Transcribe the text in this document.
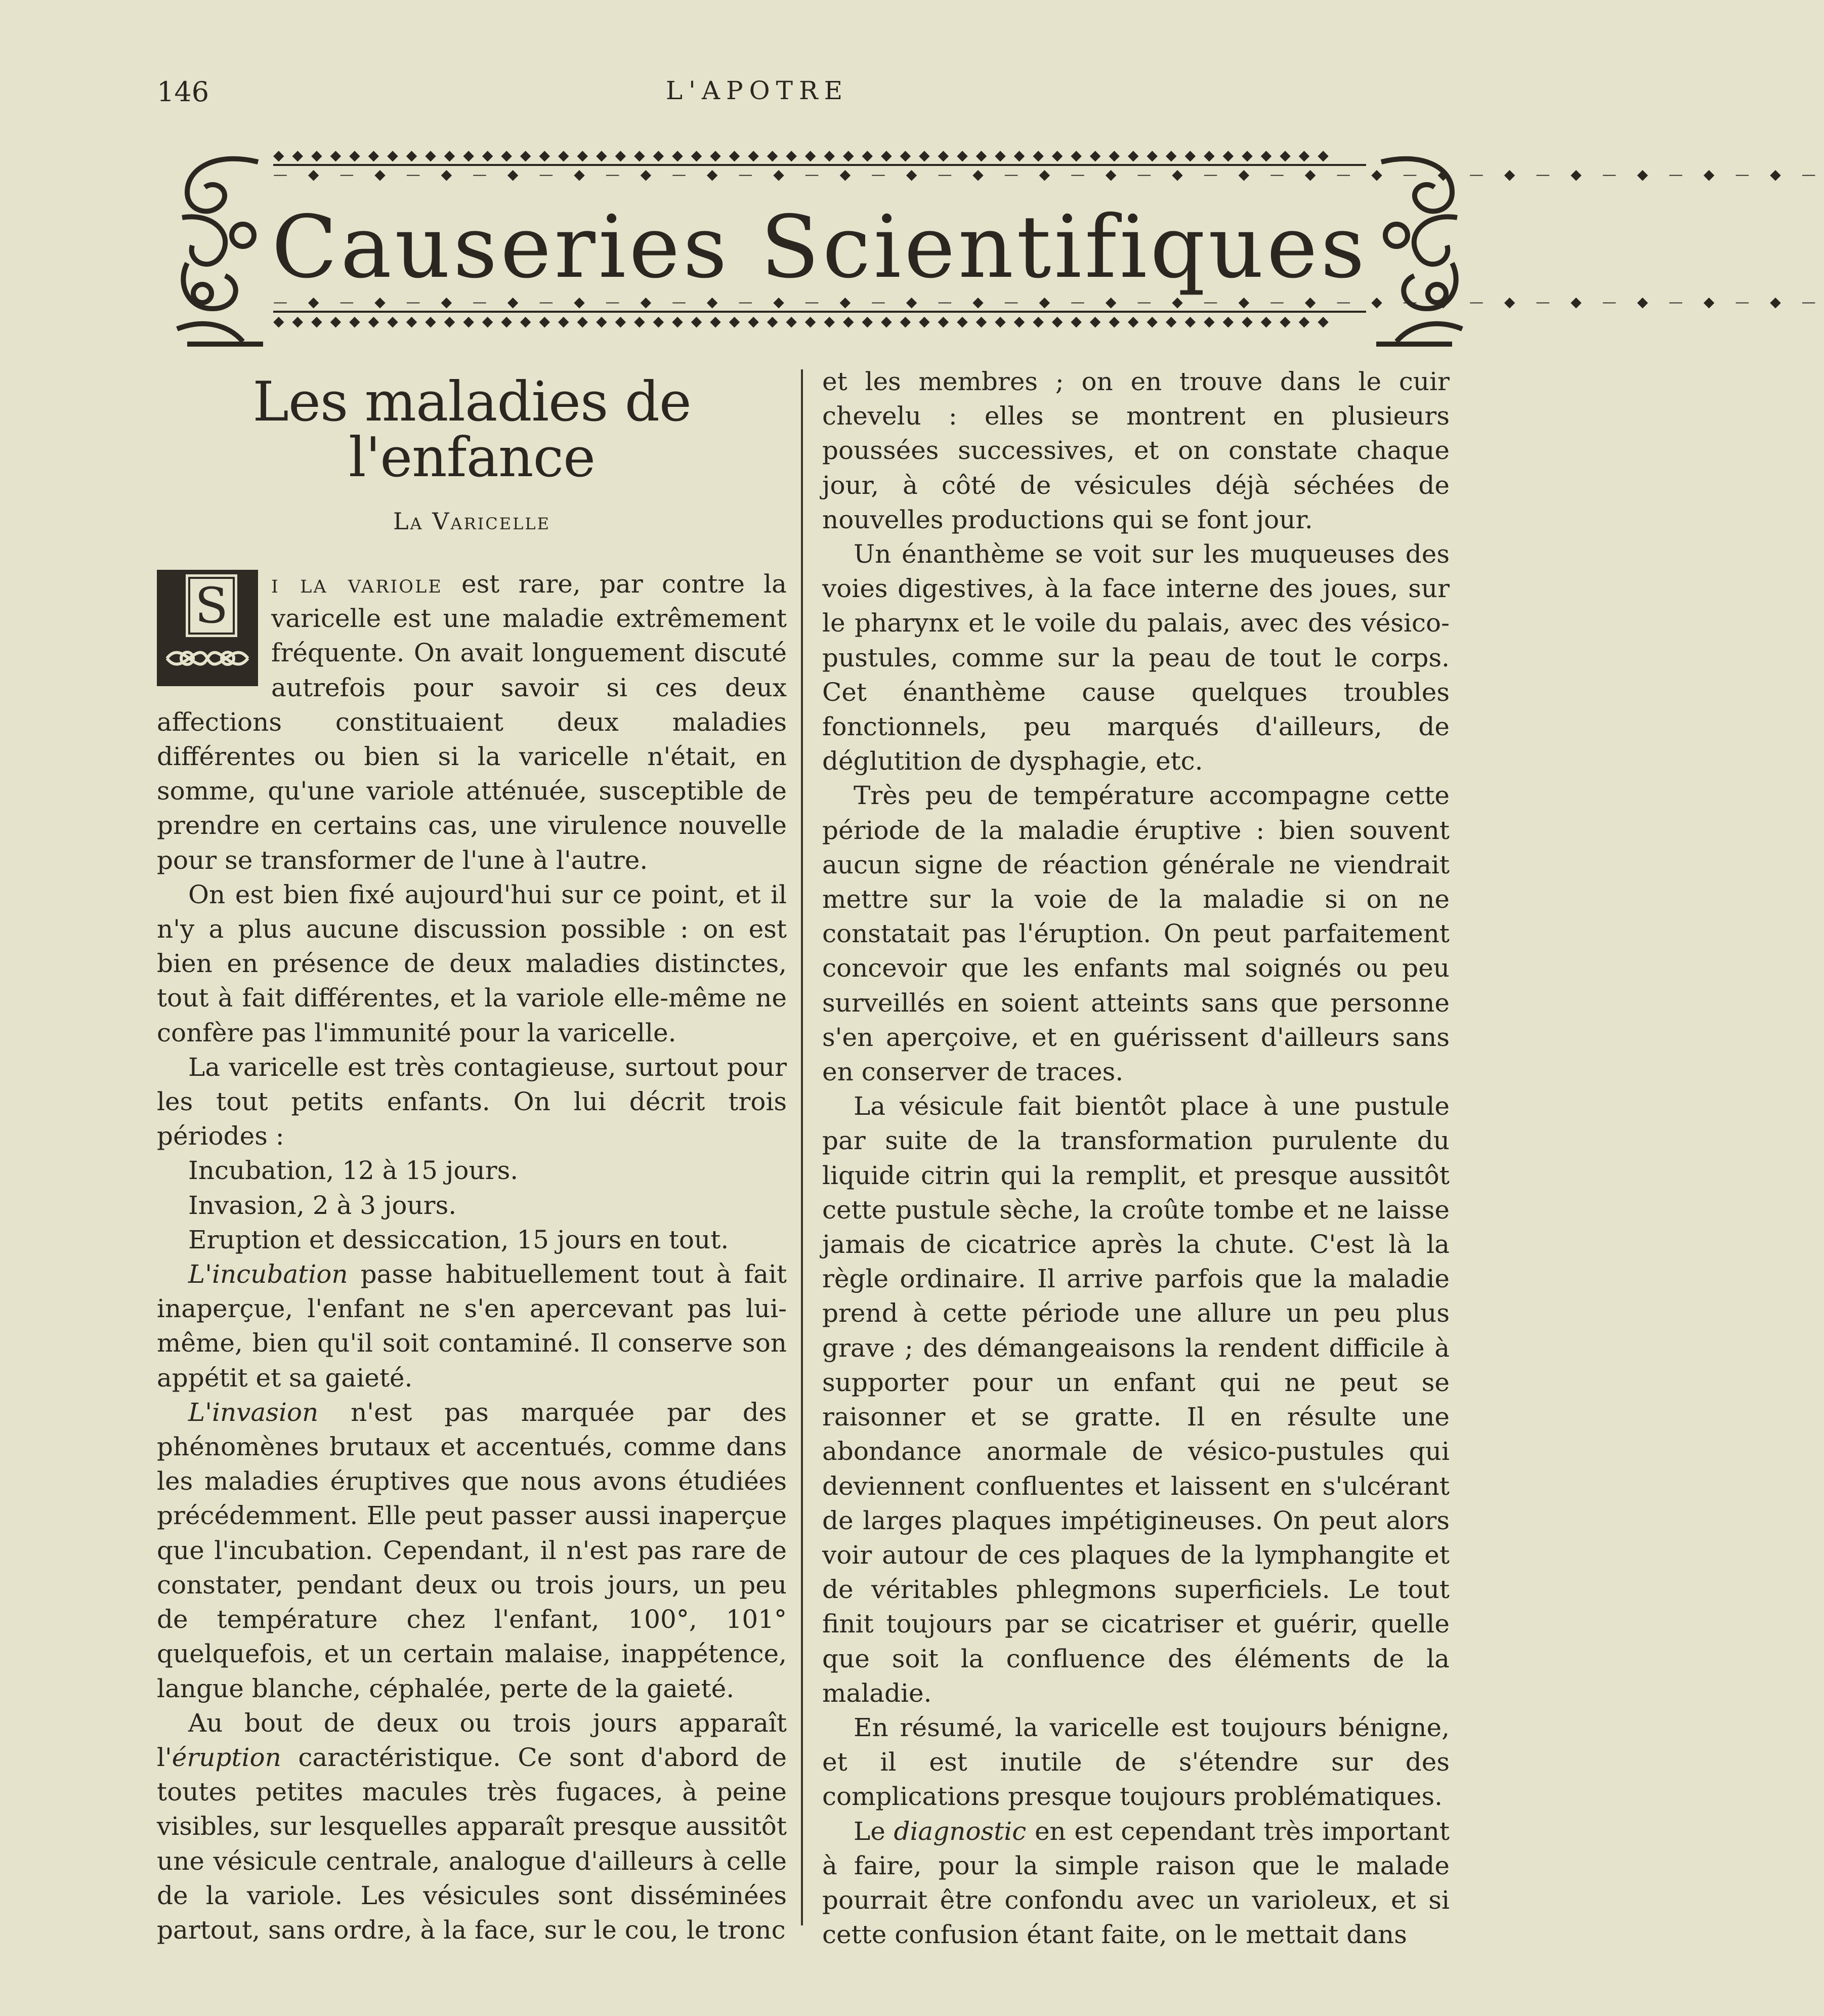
146	L'APOTRE
◆◆◆◆◆◆◆◆◆◆◆◆◆◆◆◆◆◆◆◆◆◆◆◆◆◆◆◆◆◆◆◆◆◆◆◆◆◆◆◆◆◆◆◆◆◆◆◆◆◆◆◆◆◆◆◆
— ◆ — ◆ — ◆ — ◆ — ◆ — ◆ — ◆ — ◆ — ◆ — ◆ — ◆ — ◆ — ◆ — ◆ — ◆ — ◆ — ◆ — ◆ — ◆ — ◆ — ◆ — ◆ — ◆ —
Causeries Scientifiques
— ◆ — ◆ — ◆ — ◆ — ◆ — ◆ — ◆ — ◆ — ◆ — ◆ — ◆ — ◆ — ◆ — ◆ — ◆ — ◆ — ◆ — ◆ — ◆ — ◆ — ◆ — ◆ — ◆ —
◆◆◆◆◆◆◆◆◆◆◆◆◆◆◆◆◆◆◆◆◆◆◆◆◆◆◆◆◆◆◆◆◆◆◆◆◆◆◆◆◆◆◆◆◆◆◆◆◆◆◆◆◆◆◆◆
Les maladies de l'enfance
La Varicelle

S i la variole est rare, par contre la varicelle est une maladie extrêmement fréquente. On avait longuement discuté autrefois pour savoir si ces deux affections constituaient deux maladies différentes ou bien si la varicelle n'était, en somme, qu'une variole atténuée, susceptible de prendre en certains cas, une virulence nouvelle pour se transformer de l'une à l'autre.

On est bien fixé aujourd'hui sur ce point, et il n'y a plus aucune discussion possible : on est bien en présence de deux maladies distinctes, tout à fait différentes, et la variole elle-même ne confère pas l'immunité pour la varicelle.

La varicelle est très contagieuse, surtout pour les tout petits enfants. On lui décrit trois périodes :

Incubation, 12 à 15 jours.

Invasion, 2 à 3 jours.

Eruption et dessiccation, 15 jours en tout.

L'incubation passe habituellement tout à fait inaperçue, l'enfant ne s'en apercevant pas lui-même, bien qu'il soit contaminé. Il conserve son appétit et sa gaieté.

L'invasion n'est pas marquée par des phénomènes brutaux et accentués, comme dans les maladies éruptives que nous avons étudiées précédemment. Elle peut passer aussi inaperçue que l'incubation. Cependant, il n'est pas rare de constater, pendant deux ou trois jours, un peu de température chez l'enfant, 100°, 101° quelquefois, et un certain malaise, inappétence, langue blanche, céphalée, perte de la gaieté.

Au bout de deux ou trois jours apparaît l'éruption caractéristique. Ce sont d'abord de toutes petites macules très fugaces, à peine visibles, sur lesquelles apparaît presque aussitôt une vésicule centrale, analogue d'ailleurs à celle de la variole. Les vésicules sont disséminées partout, sans ordre, à la face, sur le cou, le tronc

et les membres ; on en trouve dans le cuir chevelu : elles se montrent en plusieurs poussées successives, et on constate chaque jour, à côté de vésicules déjà séchées de nouvelles productions qui se font jour.

Un énanthème se voit sur les muqueuses des voies digestives, à la face interne des joues, sur le pharynx et le voile du palais, avec des vésico-pustules, comme sur la peau de tout le corps. Cet énanthème cause quelques troubles fonctionnels, peu marqués d'ailleurs, de déglutition de dysphagie, etc.

Très peu de température accompagne cette période de la maladie éruptive : bien souvent aucun signe de réaction générale ne viendrait mettre sur la voie de la maladie si on ne constatait pas l'éruption. On peut parfaitement concevoir que les enfants mal soignés ou peu surveillés en soient atteints sans que personne s'en aperçoive, et en guérissent d'ailleurs sans en conserver de traces.

La vésicule fait bientôt place à une pustule par suite de la transformation purulente du liquide citrin qui la remplit, et presque aussitôt cette pustule sèche, la croûte tombe et ne laisse jamais de cicatrice après la chute. C'est là la règle ordinaire. Il arrive parfois que la maladie prend à cette période une allure un peu plus grave ; des démangeaisons la rendent difficile à supporter pour un enfant qui ne peut se raisonner et se gratte. Il en résulte une abondance anormale de vésico-pustules qui deviennent confluentes et laissent en s'ulcérant de larges plaques impétigineuses. On peut alors voir autour de ces plaques de la lymphangite et de véritables phlegmons superficiels. Le tout finit toujours par se cicatriser et guérir, quelle que soit la confluence des éléments de la maladie.

En résumé, la varicelle est toujours bénigne, et il est inutile de s'étendre sur des complications presque toujours problématiques.

Le diagnostic en est cependant très important à faire, pour la simple raison que le malade pourrait être confondu avec un varioleux, et si cette confusion étant faite, on le mettait dans
